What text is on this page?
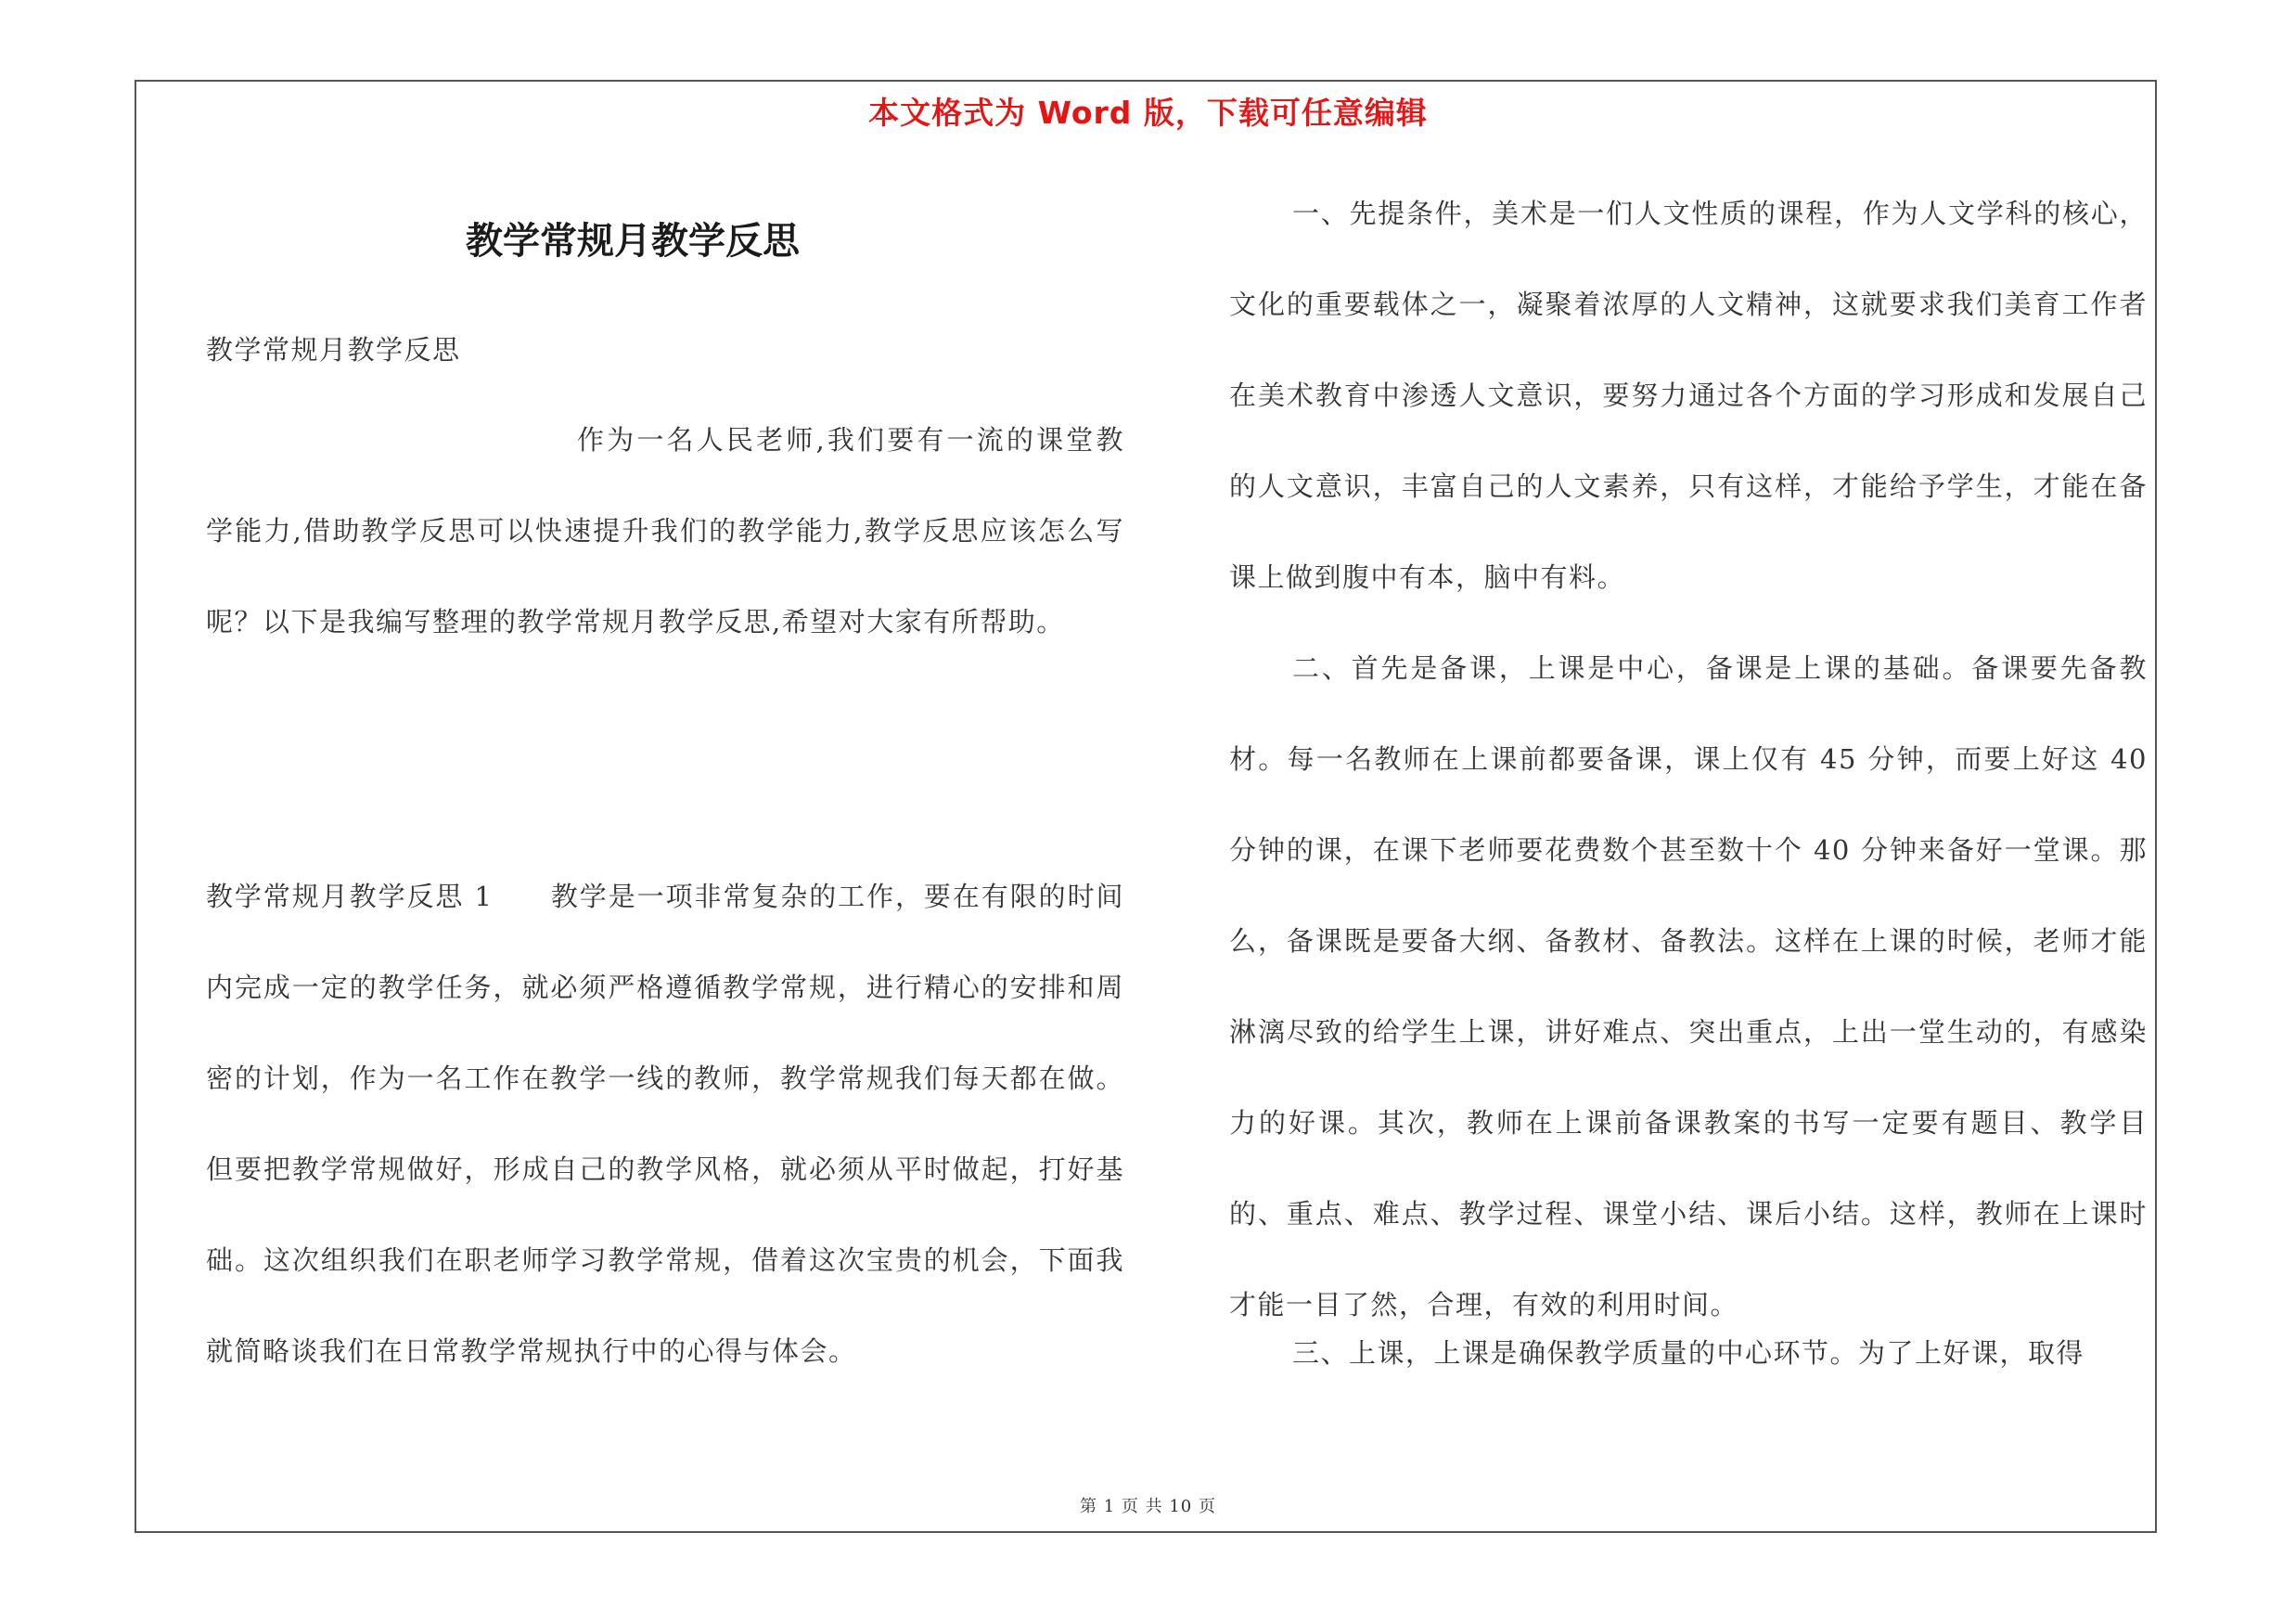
本文格式为 Word 版，下载可任意编辑
教学常规月教学反思
教学常规月教学反思
作为一名人民老师,我们要有一流的课堂教学能力,借助教学反思可以快速提升我们的教学能力,教学反思应该怎么写呢？以下是我编写整理的教学常规月教学反思,希望对大家有所帮助。
教学常规月教学反思 1 教学是一项非常复杂的工作，要在有限的时间内完成一定的教学任务，就必须严格遵循教学常规，进行精心的安排和周密的计划，作为一名工作在教学一线的教师，教学常规我们每天都在做。但要把教学常规做好，形成自己的教学风格，就必须从平时做起，打好基础。这次组织我们在职老师学习教学常规，借着这次宝贵的机会，下面我就简略谈我们在日常教学常规执行中的心得与体会。
一、先提条件，美术是一们人文性质的课程，作为人文学科的核心，文化的重要载体之一，凝聚着浓厚的人文精神，这就要求我们美育工作者在美术教育中渗透人文意识，要努力通过各个方面的学习形成和发展自己的人文意识，丰富自己的人文素养，只有这样，才能给予学生，才能在备课上做到腹中有本，脑中有料。
二、首先是备课，上课是中心，备课是上课的基础。备课要先备教材。每一名教师在上课前都要备课，课上仅有 45 分钟，而要上好这 40 分钟的课，在课下老师要花费数个甚至数十个 40 分钟来备好一堂课。那么，备课既是要备大纲、备教材、备教法。这样在上课的时候，老师才能淋漓尽致的给学生上课，讲好难点、突出重点，上出一堂生动的，有感染力的好课。其次，教师在上课前备课教案的书写一定要有题目、教学目的、重点、难点、教学过程、课堂小结、课后小结。这样，教师在上课时才能一目了然，合理，有效的利用时间。
三、上课，上课是确保教学质量的中心环节。为了上好课，取得
第 1 页 共 10 页
